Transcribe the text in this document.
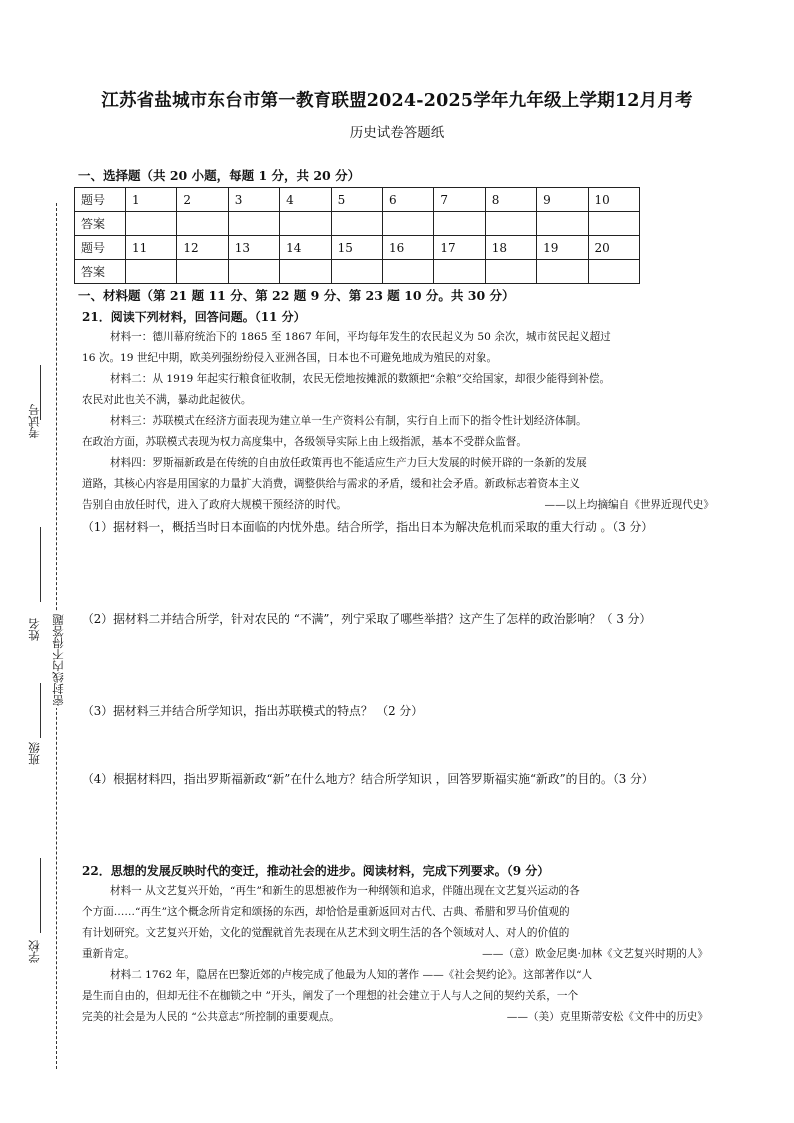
江苏省盐城市东台市第一教育联盟2024-2025学年九年级上学期12月月考
历史试卷答题纸
一、选择题（共 20 小题，每题 1 分，共 20 分）
题号	1	2	3	4	5	6	7	8	9	10
答案										
题号	11	12	13	14	15	16	17	18	19	20
答案										
一、材料题（第 21 题 11 分、第 22 题 9 分、第 23 题 10 分。共 30 分）
21．阅读下列材料，回答问题。（11 分）
材料一：德川幕府统治下的 1865 至 1867 年间，平均每年发生的农民起义为 50 余次，城市贫民起义超过
16 次。19 世纪中期，欧美列强纷纷侵入亚洲各国，日本也不可避免地成为殖民的对象。
材料二：从 1919 年起实行粮食征收制，农民无偿地按摊派的数额把“余粮”交给国家，却很少能得到补偿。
农民对此也关不满，暴动此起彼伏。
材料三：苏联模式在经济方面表现为建立单一生产资料公有制，实行自上而下的指令性计划经济体制。
在政治方面，苏联模式表现为权力高度集中，各级领导实际上由上级指派，基本不受群众监督。
材料四：罗斯福新政是在传统的自由放任政策再也不能适应生产力巨大发展的时候开辟的一条新的发展
道路，其核心内容是用国家的力量扩大消费，调整供给与需求的矛盾，缓和社会矛盾。新政标志着资本主义
告别自由放任时代，进入了政府大规模干预经济的时代。	——以上均摘编自《世界近现代史》
（1）据材料一，概括当时日本面临的内忧外患。结合所学，指出日本为解决危机而采取的重大行动 。（3 分）
（2）据材料二并结合所学，针对农民的 “不满”，列宁采取了哪些举措？这产生了怎样的政治影响？（ 3 分）
（3）据材料三并结合所学知识，指出苏联模式的特点？ （2 分）
（4）根据材料四，指出罗斯福新政“新”在什么地方？结合所学知识 ，回答罗斯福实施“新政”的目的。（3 分）
22．思想的发展反映时代的变迁，推动社会的进步。阅读材料，完成下列要求。（9 分）
材料一 从文艺复兴开始，“再生”和新生的思想被作为一种纲领和追求，伴随出现在文艺复兴运动的各
个方面……“再生”这个概念所肯定和颂扬的东西，却恰恰是重新返回对古代、古典、希腊和罗马价值观的
有计划研究。文艺复兴开始，文化的觉醒就首先表现在从艺术到文明生活的各个领域对人、对人的价值的
重新肯定。	——（意）欧金尼奥·加林《文艺复兴时期的人》
材料二 1762 年，隐居在巴黎近郊的卢梭完成了他最为人知的著作 ——《社会契约论》。这部著作以“人
是生而自由的，但却无往不在枷锁之中 ”开头，阐发了一个理想的社会建立于人与人之间的契约关系，一个
完美的社会是为人民的 “公共意志”所控制的重要观点。	——（美）克里斯蒂安松《文件中的历史》
考试号
姓名 密封线内不得答题
班级
学校
